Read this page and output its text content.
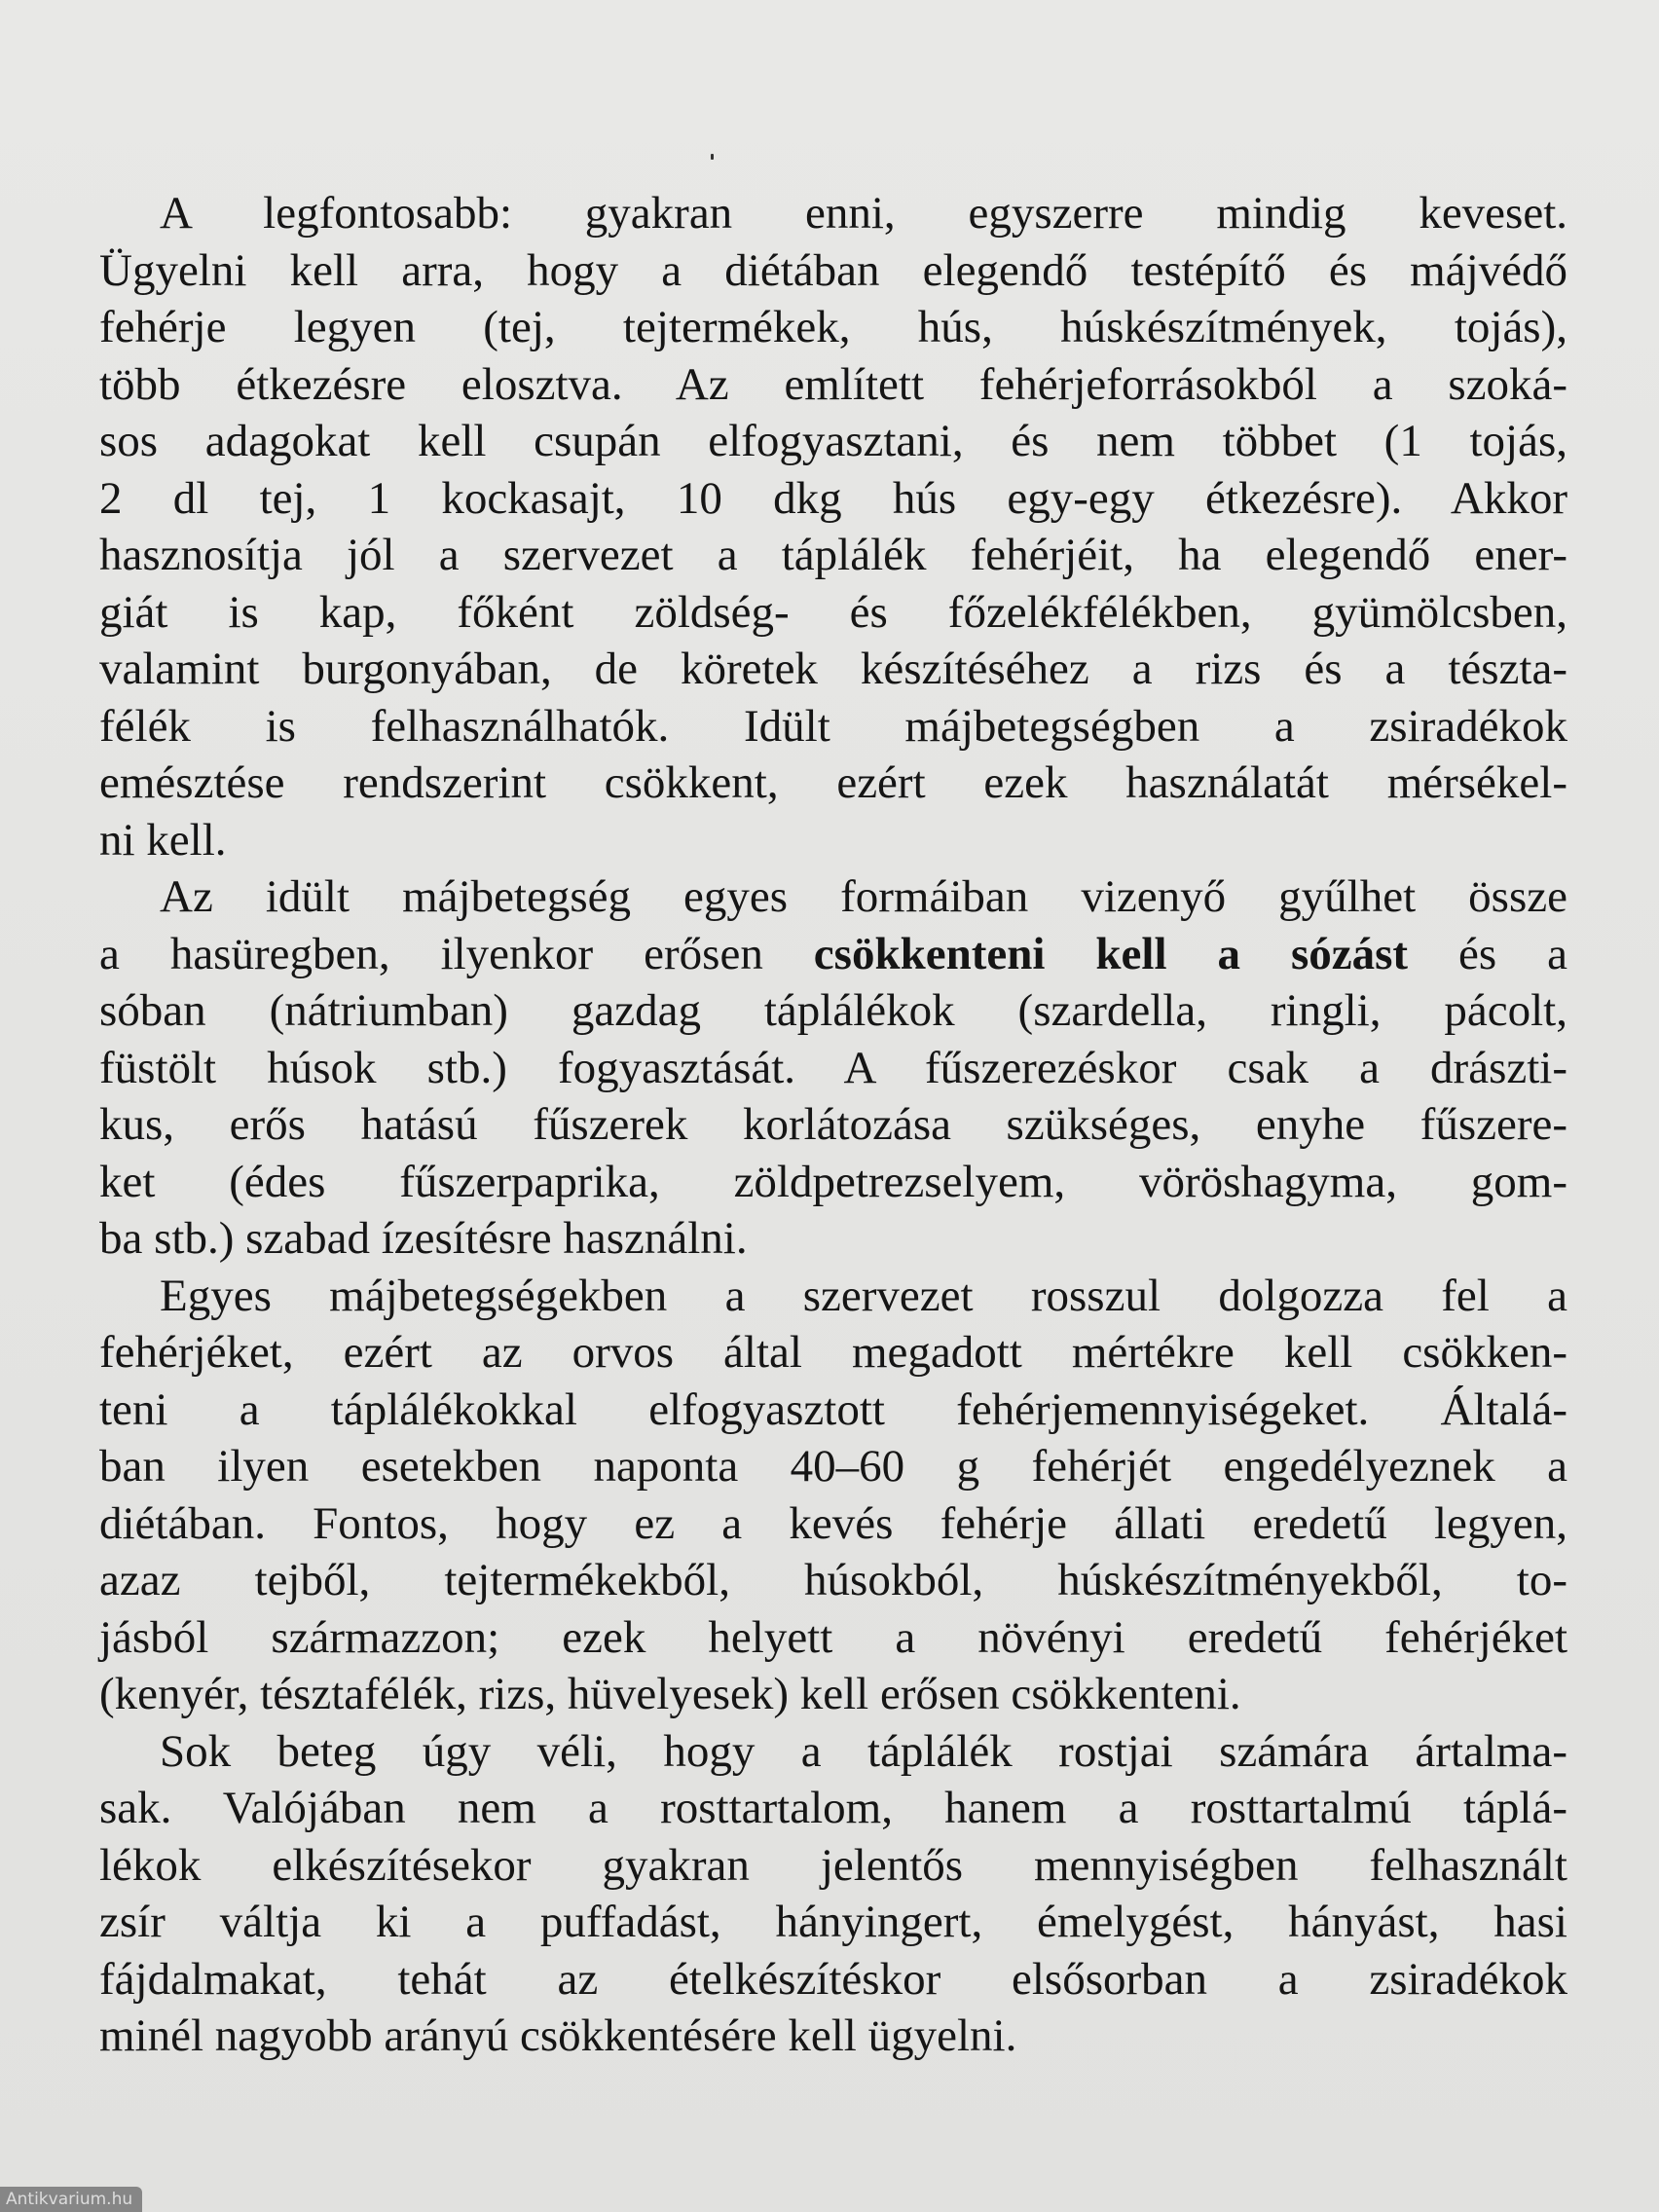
A legfontosabb: gyakran enni, egyszerre mindig keveset.
Ügyelni kell arra, hogy a diétában elegendő testépítő és májvédő
fehérje legyen (tej, tejtermékek, hús, húskészítmények, tojás),
több étkezésre elosztva. Az említett fehérjeforrásokból a szoká-
sos adagokat kell csupán elfogyasztani, és nem többet (1 tojás,
2 dl tej, 1 kockasajt, 10 dkg hús egy-egy étkezésre). Akkor
hasznosítja jól a szervezet a táplálék fehérjéit, ha elegendő ener-
giát is kap, főként zöldség- és főzelékfélékben, gyümölcsben,
valamint burgonyában, de köretek készítéséhez a rizs és a tészta-
félék is felhasználhatók. Idült májbetegségben a zsiradékok
emésztése rendszerint csökkent, ezért ezek használatát mérsékel-
ni kell.
Az idült májbetegség egyes formáiban vizenyő gyűlhet össze
a hasüregben, ilyenkor erősen csökkenteni kell a sózást és a
sóban (nátriumban) gazdag táplálékok (szardella, ringli, pácolt,
füstölt húsok stb.) fogyasztását. A fűszerezéskor csak a drászti-
kus, erős hatású fűszerek korlátozása szükséges, enyhe fűszere-
ket (édes fűszerpaprika, zöldpetrezselyem, vöröshagyma, gom-
ba stb.) szabad ízesítésre használni.
Egyes májbetegségekben a szervezet rosszul dolgozza fel a
fehérjéket, ezért az orvos által megadott mértékre kell csökken-
teni a táplálékokkal elfogyasztott fehérjemennyiségeket. Általá-
ban ilyen esetekben naponta 40–60 g fehérjét engedélyeznek a
diétában. Fontos, hogy ez a kevés fehérje állati eredetű legyen,
azaz tejből, tejtermékekből, húsokból, húskészítményekből, to-
jásból származzon; ezek helyett a növényi eredetű fehérjéket
(kenyér, tésztafélék, rizs, hüvelyesek) kell erősen csökkenteni.
Sok beteg úgy véli, hogy a táplálék rostjai számára ártalma-
sak. Valójában nem a rosttartalom, hanem a rosttartalmú táplá-
lékok elkészítésekor gyakran jelentős mennyiségben felhasznált
zsír váltja ki a puffadást, hányingert, émelygést, hányást, hasi
fájdalmakat, tehát az ételkészítéskor elsősorban a zsiradékok
minél nagyobb arányú csökkentésére kell ügyelni.
Antikvarium.hu
